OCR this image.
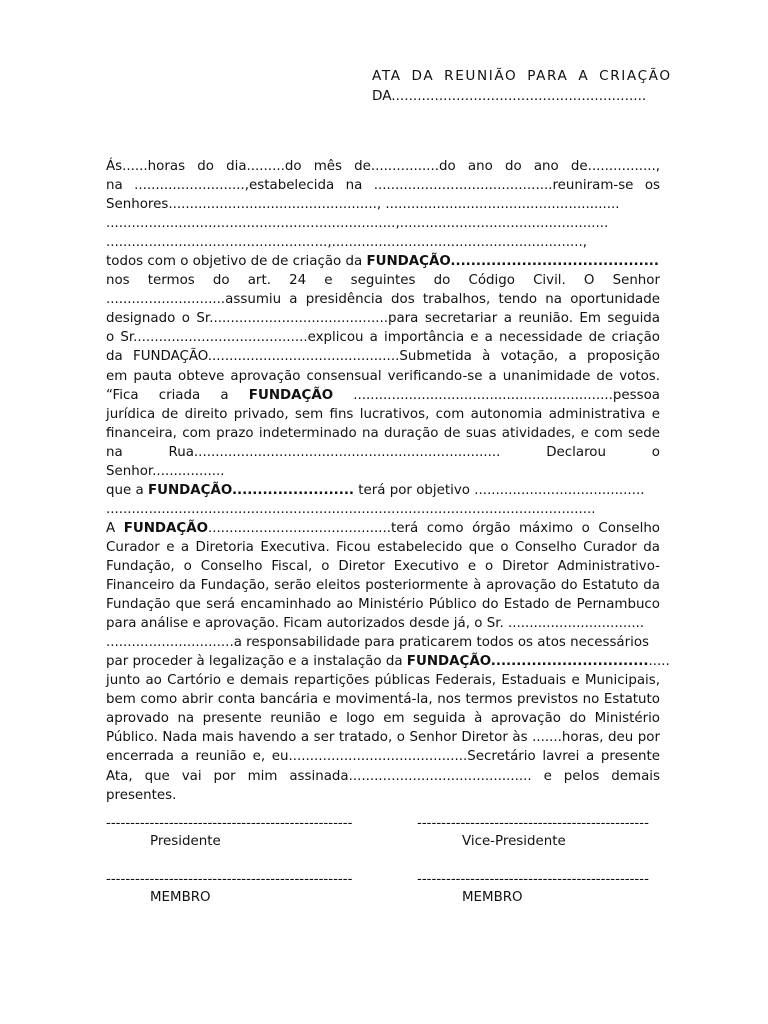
ATA DA REUNIÃO PARA A CRIAÇÃO
DA...........................................................
Ás......horas do dia.........do mês de................do ano do ano de................,
na ..........................,estabelecida na ..........................................reuniram-se os
Senhores................................................., .......................................................
....................................................................,.................................................
....................................................,...........................................................,
todos com o objetivo de de criação da FUNDAÇÃO.........................................
nos termos do art. 24 e seguintes do Código Civil. O Senhor
............................assumiu a presidência dos trabalhos, tendo na oportunidade
designado o Sr..........................................para secretariar a reunião. Em seguida
o Sr.........................................explicou a importância e a necessidade de criação
da FUNDAÇÃO.............................................Submetida à votação, a proposição
em pauta obteve aprovação consensual verificando-se a unanimidade de votos.
“Fica criada a FUNDAÇÃO .............................................................pessoa
jurídica de direito privado, sem fins lucrativos, com autonomia administrativa e
financeira, com prazo indeterminado na duração de suas atividades, e com sede
na Rua........................................................................ Declarou o
Senhor.................
que a FUNDAÇÃO........................ terá por objetivo ........................................
...................................................................................................................
A FUNDAÇÃO...........................................terá como órgão máximo o Conselho
Curador e a Diretoria Executiva. Ficou estabelecido que o Conselho Curador da
Fundação, o Conselho Fiscal, o Diretor Executivo e o Diretor Administrativo-
Financeiro da Fundação, serão eleitos posteriormente à aprovação do Estatuto da
Fundação que será encaminhado ao Ministério Público do Estado de Pernambuco
para análise e aprovação. Ficam autorizados desde já, o Sr. ................................
..............................a responsabilidade para praticarem todos os atos necessários
par proceder à legalização e a instalação da FUNDAÇÃO....................................
junto ao Cartório e demais repartições públicas Federais, Estaduais e Municipais,
bem como abrir conta bancária e movimentá-la, nos termos previstos no Estatuto
aprovado na presente reunião e logo em seguida à aprovação do Ministério
Público. Nada mais havendo a ser tratado, o Senhor Diretor às .......horas, deu por
encerrada a reunião e, eu..........................................Secretário lavrei a presente
Ata, que vai por mim assinada........................................... e pelos demais
presentes.
---------------------------------------------------
Presidente
------------------------------------------------
Vice-Presidente
---------------------------------------------------
MEMBRO
------------------------------------------------
MEMBRO
